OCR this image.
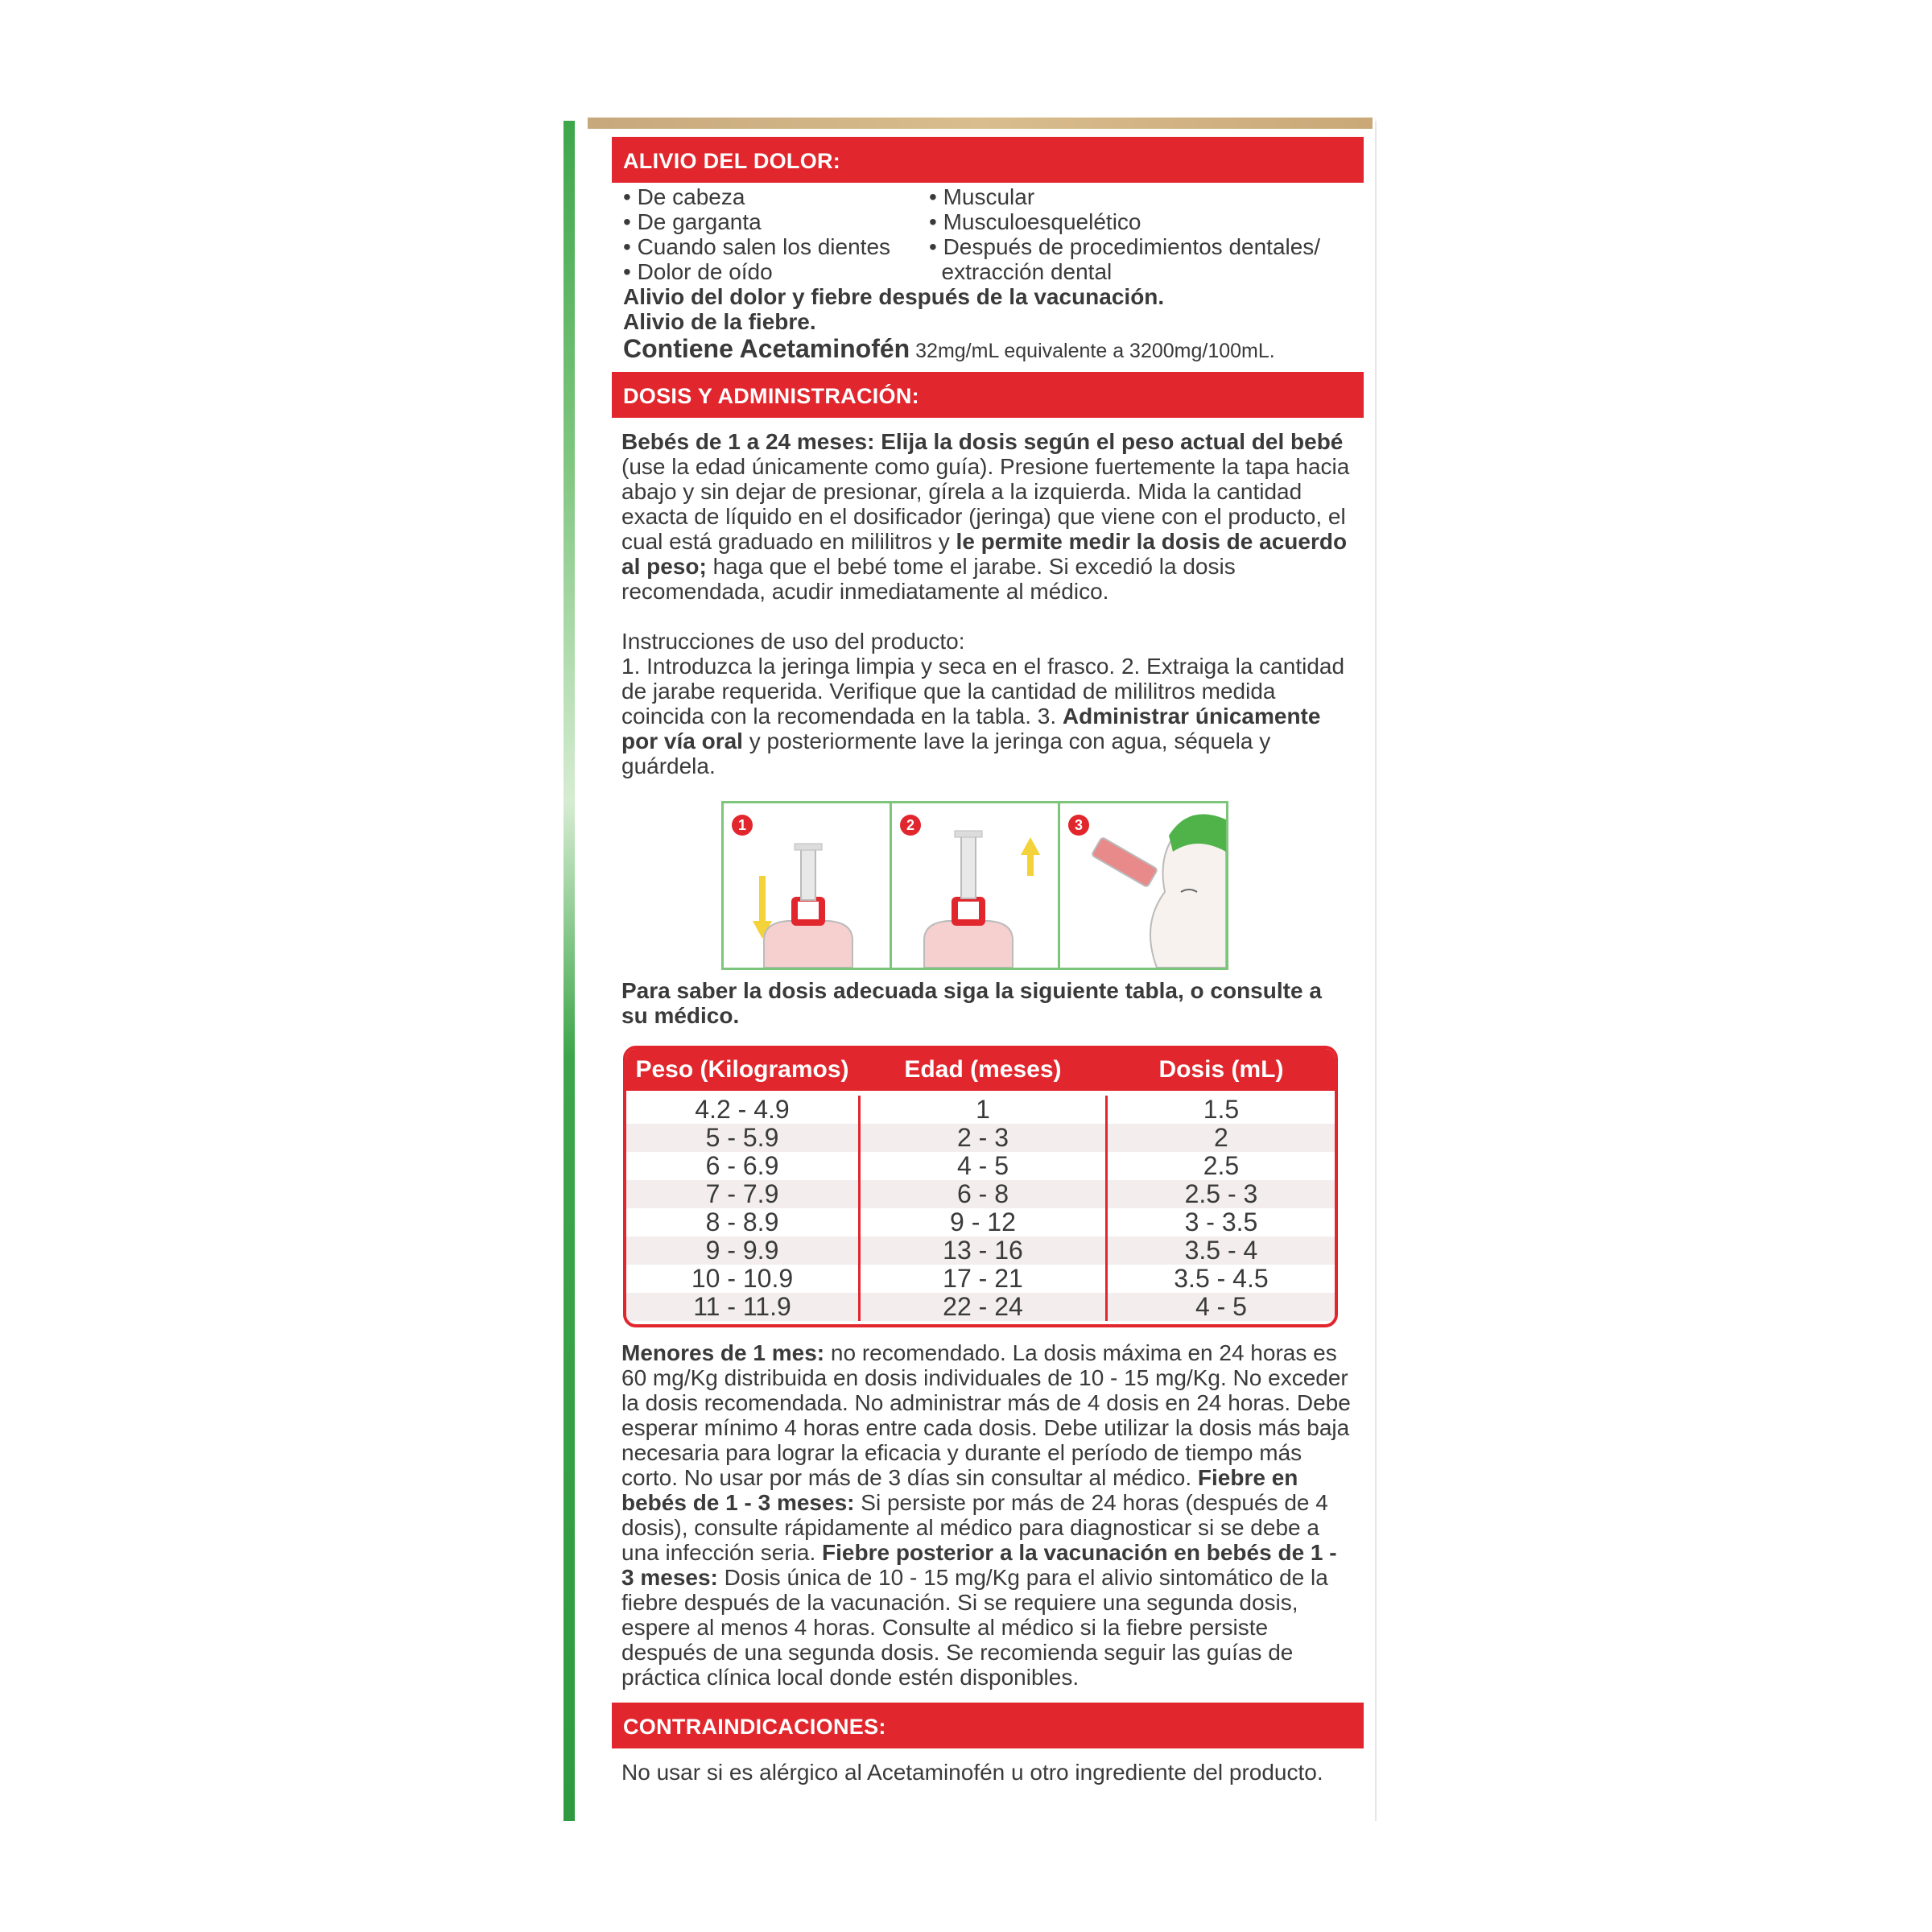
ALIVIO DEL DOLOR:
• De cabeza
• De garganta
• Cuando salen los dientes
• Dolor de oído
• Muscular
• Musculoesquelético
• Después de procedimientos dentales/
extracción dental
Alivio del dolor y fiebre después de la vacunación.
Alivio de la fiebre.
Contiene Acetaminofén 32mg/mL equivalente a 3200mg/100mL.
DOSIS Y ADMINISTRACIÓN:
Bebés de 1 a 24 meses: Elija la dosis según el peso actual del bebé (use la edad únicamente como guía). Presione fuertemente la tapa hacia abajo y sin dejar de presionar, gírela a la izquierda. Mida la cantidad exacta de líquido en el dosificador (jeringa) que viene con el producto, el cual está graduado en mililitros y le permite medir la dosis de acuerdo al peso; haga que el bebé tome el jarabe. Si excedió la dosis recomendada, acudir inmediatamente al médico.
Instrucciones de uso del producto:
1. Introduzca la jeringa limpia y seca en el frasco. 2. Extraiga la cantidad de jarabe requerida. Verifique que la cantidad de mililitros medida coincida con la recomendada en la tabla. 3. Administrar únicamente por vía oral y posteriormente lave la jeringa con agua, séquela y guárdela.
1	2	3
Para saber la dosis adecuada siga la siguiente tabla, o consulte a su médico.
Peso (Kilogramos)	Edad (meses)	Dosis (mL)
4.2 - 4.9	1	1.5
5 - 5.9	2 - 3	2
6 - 6.9	4 - 5	2.5
7 - 7.9	6 - 8	2.5 - 3
8 - 8.9	9 - 12	3 - 3.5
9 - 9.9	13 - 16	3.5 - 4
10 - 10.9	17 - 21	3.5 - 4.5
11 - 11.9	22 - 24	4 - 5
Menores de 1 mes: no recomendado. La dosis máxima en 24 horas es 60 mg/Kg distribuida en dosis individuales de 10 - 15 mg/Kg. No exceder la dosis recomendada. No administrar más de 4 dosis en 24 horas. Debe esperar mínimo 4 horas entre cada dosis. Debe utilizar la dosis más baja necesaria para lograr la eficacia y durante el período de tiempo más corto. No usar por más de 3 días sin consultar al médico. Fiebre en bebés de 1 - 3 meses: Si persiste por más de 24 horas (después de 4 dosis), consulte rápidamente al médico para diagnosticar si se debe a una infección seria. Fiebre posterior a la vacunación en bebés de 1 - 3 meses: Dosis única de 10 - 15 mg/Kg para el alivio sintomático de la fiebre después de la vacunación. Si se requiere una segunda dosis, espere al menos 4 horas. Consulte al médico si la fiebre persiste después de una segunda dosis. Se recomienda seguir las guías de práctica clínica local donde estén disponibles.
CONTRAINDICACIONES:
No usar si es alérgico al Acetaminofén u otro ingrediente del producto.
